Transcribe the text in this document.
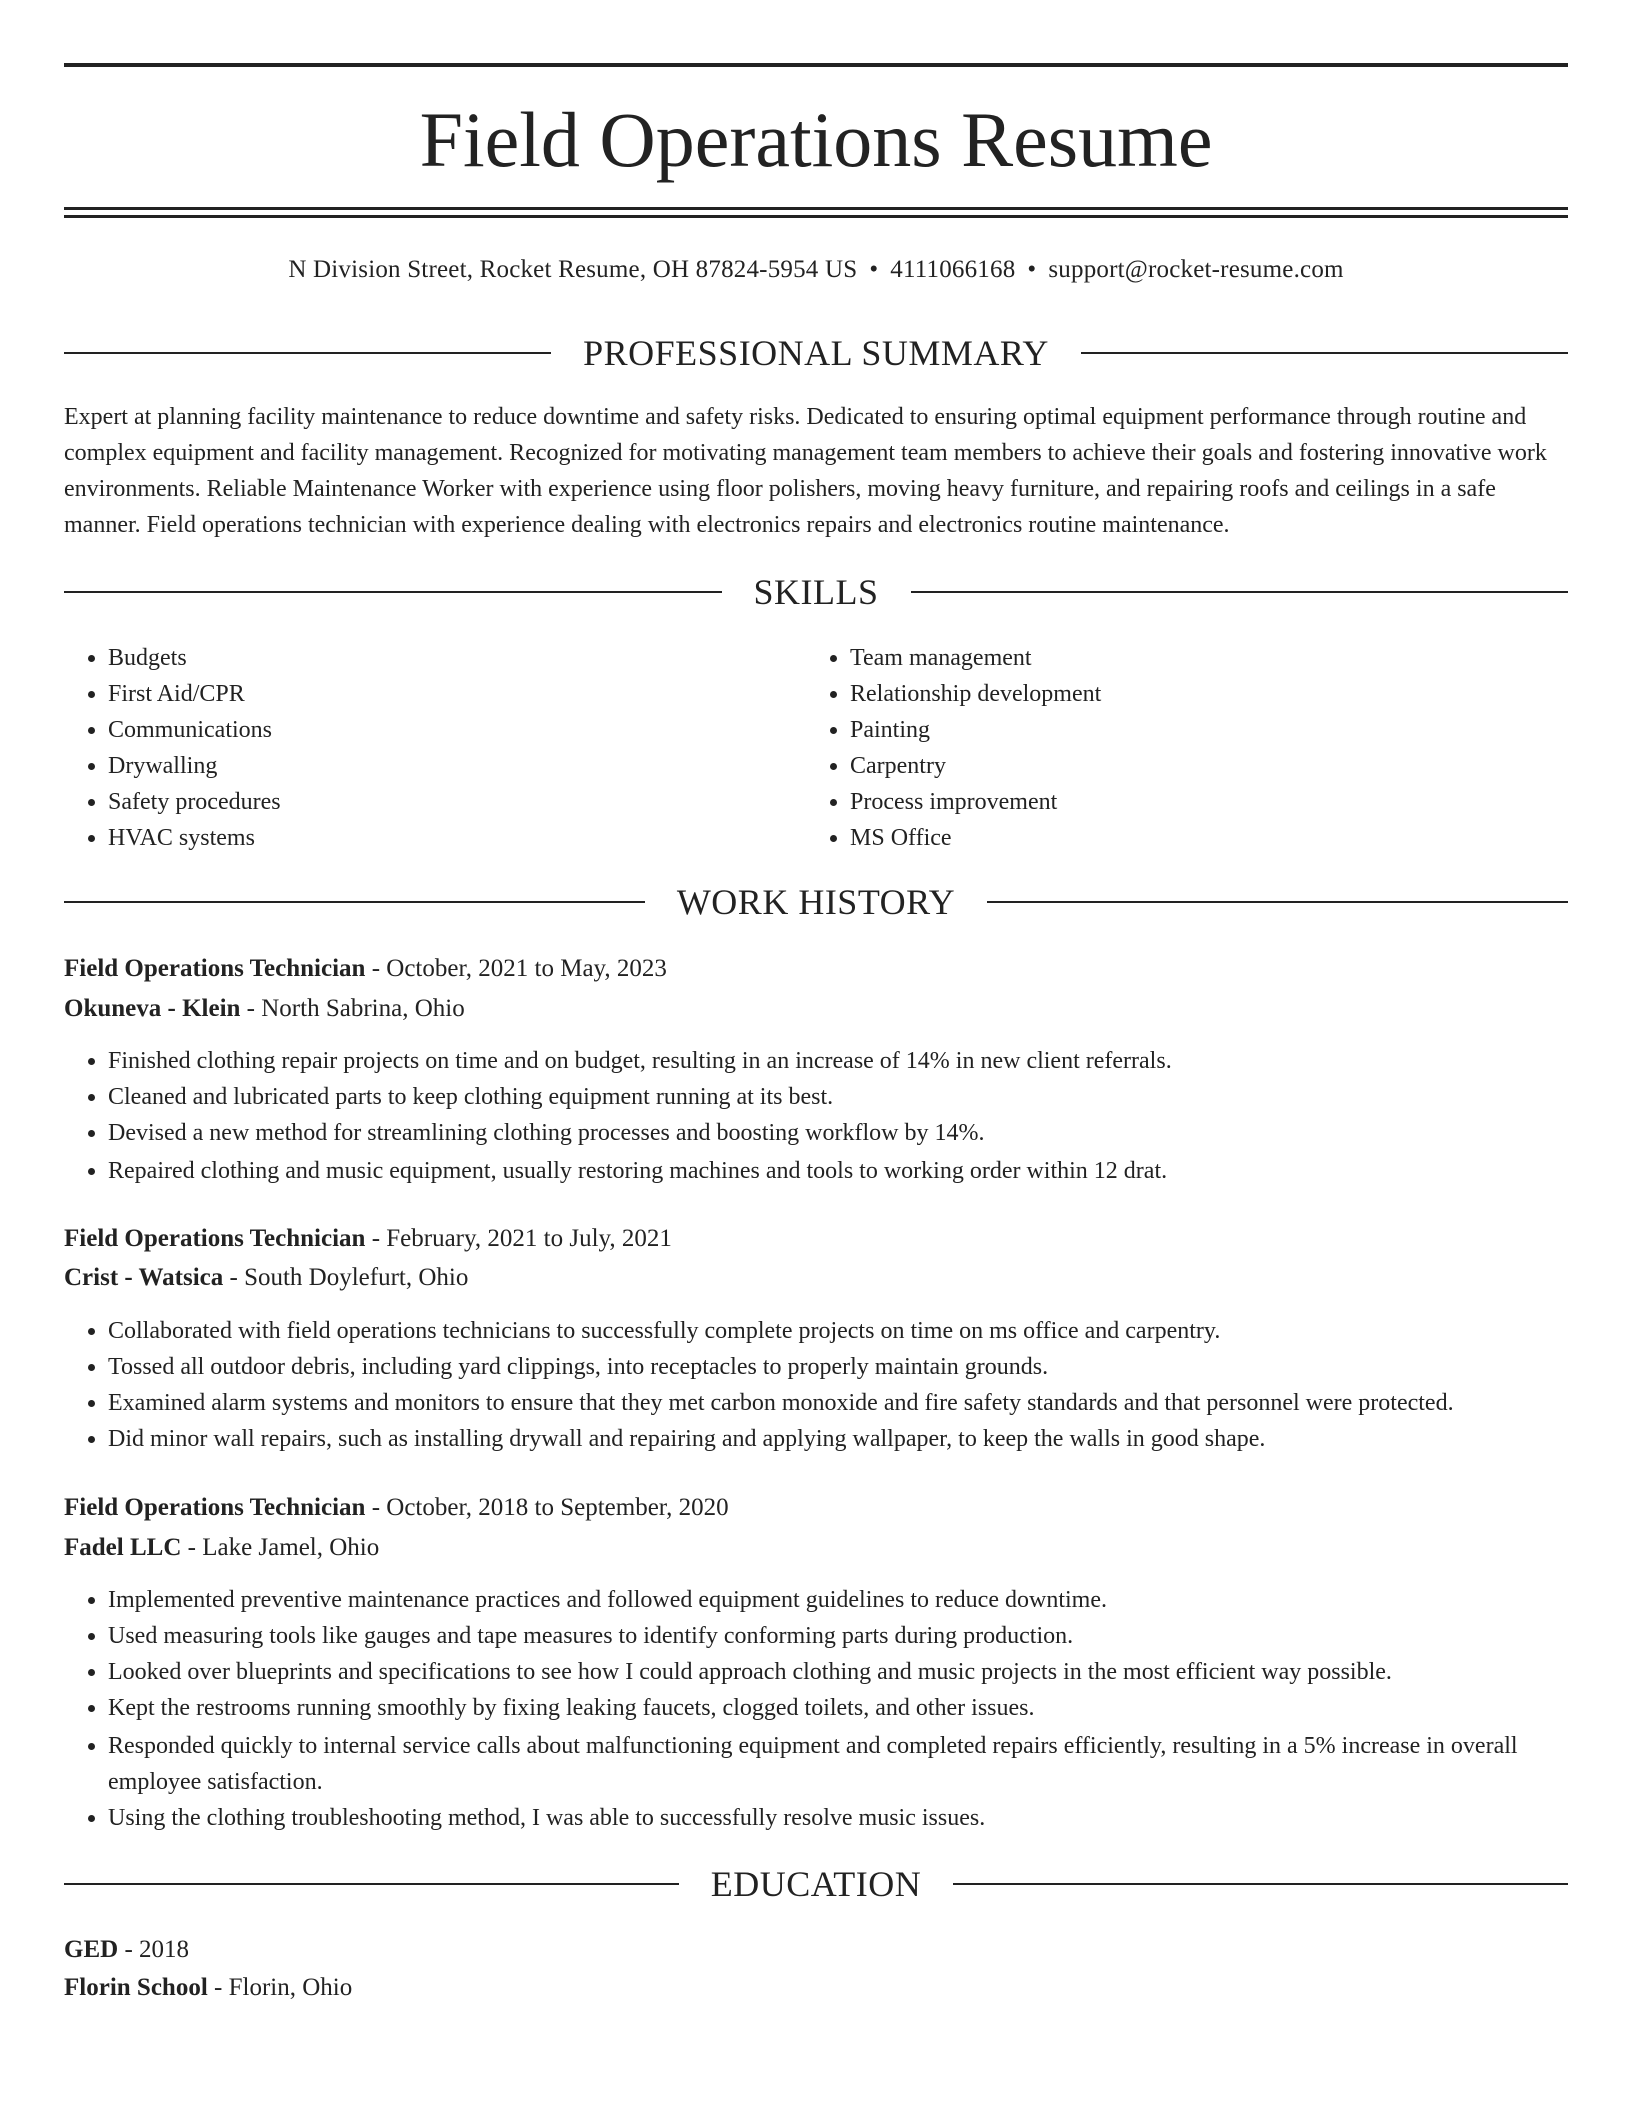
Field Operations Resume
N Division Street, Rocket Resume, OH 87824-5954 US • 4111066168 • support@rocket-resume.com
PROFESSIONAL SUMMARY

Expert at planning facility maintenance to reduce downtime and safety risks. Dedicated to ensuring optimal equipment performance through routine and complex equipment and facility management. Recognized for motivating management team members to achieve their goals and fostering innovative work environments. Reliable Maintenance Worker with experience using floor polishers, moving heavy furniture, and repairing roofs and ceilings in a safe manner. Field operations technician with experience dealing with electronics repairs and electronics routine maintenance.

SKILLS
• Budgets
• First Aid/CPR
• Communications
• Drywalling
• Safety procedures
• HVAC systems
• Team management
• Relationship development
• Painting
• Carpentry
• Process improvement
• MS Office
WORK HISTORY
Field Operations Technician - October, 2021 to May, 2023
Okuneva - Klein - North Sabrina, Ohio
• Finished clothing repair projects on time and on budget, resulting in an increase of 14% in new client referrals.
• Cleaned and lubricated parts to keep clothing equipment running at its best.
• Devised a new method for streamlining clothing processes and boosting workflow by 14%.
• Repaired clothing and music equipment, usually restoring machines and tools to working order within 12 drat.
Field Operations Technician - February, 2021 to July, 2021
Crist - Watsica - South Doylefurt, Ohio
• Collaborated with field operations technicians to successfully complete projects on time on ms office and carpentry.
• Tossed all outdoor debris, including yard clippings, into receptacles to properly maintain grounds.
• Examined alarm systems and monitors to ensure that they met carbon monoxide and fire safety standards and that personnel were protected.
• Did minor wall repairs, such as installing drywall and repairing and applying wallpaper, to keep the walls in good shape.
Field Operations Technician - October, 2018 to September, 2020
Fadel LLC - Lake Jamel, Ohio
• Implemented preventive maintenance practices and followed equipment guidelines to reduce downtime.
• Used measuring tools like gauges and tape measures to identify conforming parts during production.
• Looked over blueprints and specifications to see how I could approach clothing and music projects in the most efficient way possible.
• Kept the restrooms running smoothly by fixing leaking faucets, clogged toilets, and other issues.
• Responded quickly to internal service calls about malfunctioning equipment and completed repairs efficiently, resulting in a 5% increase in overall employee satisfaction.
• Using the clothing troubleshooting method, I was able to successfully resolve music issues.
EDUCATION
GED - 2018
Florin School - Florin, Ohio
